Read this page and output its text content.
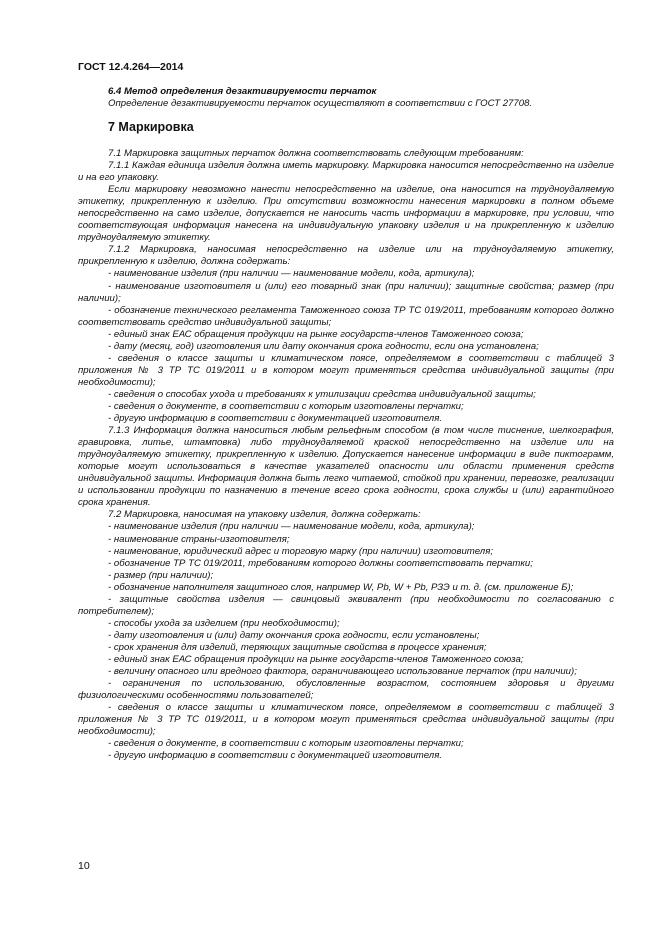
ГОСТ 12.4.264—2014
6.4 Метод определения дезактивируемости перчаток
Определение дезактивируемости перчаток осуществляют в соответствии с ГОСТ 27708.
7 Маркировка

7.1 Маркировка защитных перчаток должна соответствовать следующим требованиям:

7.1.1 Каждая единица изделия должна иметь маркировку. Маркировка наносится непосредственно на изделие и на его упаковку.

Если маркировку невозможно нанести непосредственно на изделие, она наносится на трудноудаляемую этикетку, прикрепленную к изделию. При отсутствии возможности нанесения маркировки в полном объеме непосредственно на само изделие, допускается не наносить часть информации в маркировке, при условии, что соответствующая информация нанесена на индивидуальную упаковку изделия и на прикрепленную к изделию трудноудаляемую этикетку.

7.1.2 Маркировка, наносимая непосредственно на изделие или на трудноудаляемую этикетку, прикрепленную к изделию, должна содержать:

- наименование изделия (при наличии — наименование модели, кода, артикула);

- наименование изготовителя и (или) его товарный знак (при наличии); защитные свойства; размер (при наличии);

- обозначение технического регламента Таможенного союза ТР ТС 019/2011, требованиям которого должно соответствовать средство индивидуальной защиты;

- единый знак ЕАС обращения продукции на рынке государств-членов Таможенного союза;

- дату (месяц, год) изготовления или дату окончания срока годности, если она установлена;

- сведения о классе защиты и климатическом поясе, определяемом в соответствии с таблицей 3 приложения № 3 ТР ТС 019/2011 и в котором могут применяться средства индивидуальной защиты (при необходимости);

- сведения о способах ухода и требованиях к утилизации средства индивидуальной защиты;

- сведения о документе, в соответствии с которым изготовлены перчатки;

- другую информацию в соответствии с документацией изготовителя.

7.1.3 Информация должна наноситься любым рельефным способом (в том числе тиснение, шелкография, гравировка, литье, штамповка) либо трудноудаляемой краской непосредственно на изделие или на трудноудаляемую этикетку, прикрепленную к изделию. Допускается нанесение информации в виде пиктограмм, которые могут использоваться в качестве указателей опасности или области применения средств индивидуальной защиты. Информация должна быть легко читаемой, стойкой при хранении, перевозке, реализации и использовании продукции по назначению в течение всего срока годности, срока службы и (или) гарантийного срока хранения.

7.2 Маркировка, наносимая на упаковку изделия, должна содержать:

- наименование изделия (при наличии — наименование модели, кода, артикула);

- наименование страны-изготовителя;

- наименование, юридический адрес и торговую марку (при наличии) изготовителя;

- обозначение ТР ТС 019/2011, требованиям которого должны соответствовать перчатки;

- размер (при наличии);

- обозначение наполнителя защитного слоя, например W, Pb, W + Pb, РЗЭ и т. д. (см. приложение Б);

- защитные свойства изделия — свинцовый эквивалент (при необходимости по согласованию с потребителем);

- способы ухода за изделием (при необходимости);

- дату изготовления и (или) дату окончания срока годности, если установлены;

- срок хранения для изделий, теряющих защитные свойства в процессе хранения;

- единый знак ЕАС обращения продукции на рынке государств-членов Таможенного союза;

- величину опасного или вредного фактора, ограничивающего использование перчаток (при наличии);

- ограничения по использованию, обусловленные возрастом, состоянием здоровья и другими физиологическими особенностями пользователей;

- сведения о классе защиты и климатическом поясе, определяемом в соответствии с таблицей 3 приложения № 3 ТР ТС 019/2011, и в котором могут применяться средства индивидуальной защиты (при необходимости);

- сведения о документе, в соответствии с которым изготовлены перчатки;

- другую информацию в соответствии с документацией изготовителя.

10
